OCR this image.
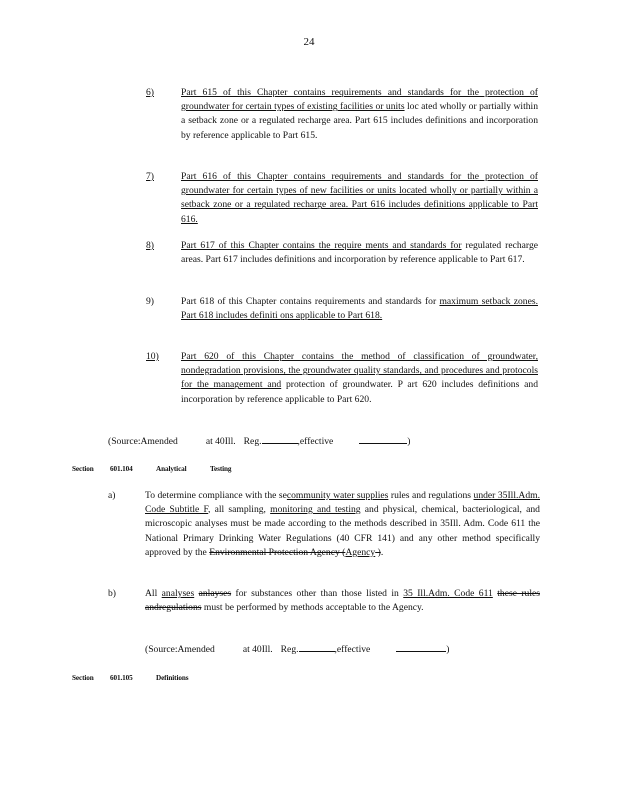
24
6)	Part 615 of this Chapter contains requirements and standards for the protection of groundwater for certain types of existing facilities or units loc ated wholly or partially within a setback zone or a regulated recharge area. Part 615 includes definitions and incorporation by reference applicable to Part 615.
7)	Part 616 of this Chapter contains requirements and standards for the protection of groundwater for certain types of new facilities or units located wholly or partially within a setback zone or a regulated recharge area. Part 616 includes definitions applicable to Part 616.
8)	Part 617 of this Chapter contains the require ments and standards for regulated recharge areas. Part 617 includes definitions and incorporation by reference applicable to Part 617.
9)	Part 618 of this Chapter contains requirements and standards for maximum setback zones. Part 618 includes definiti ons applicable to Part 618.
10) Part 620 of this Chapter contains the method of classification of groundwater, nondegradation provisions, the groundwater quality standards, and procedures and protocols for the management and protection of groundwater. P art 620 includes definitions and incorporation by reference applicable to Part 620.
(Source:Amended	at 40Ill. Reg.	,effective	)
Section 601.104	Analytical	Testing
a)	To determine compliance with the secommunity water supplies rules and regulations under 35Ill.Adm. Code Subtitle F, all sampling, monitoring and testing and physical, chemical, bacteriological, and microscopic analyses must be made according to the methods described in 35Ill. Adm. Code 611 the National Primary Drinking Water Regulations (40 CFR 141) and any other method specifically approved by the Environmental Protection Agency (Agency ).
b)	All analyses anlayses for substances other than those listed in 35 Ill.Adm. Code 611 these rules andregulations must be performed by methods acceptable to the Agency.
(Source:Amended	at 40Ill. Reg.	,effective	)
Section 601.105	Definitions
